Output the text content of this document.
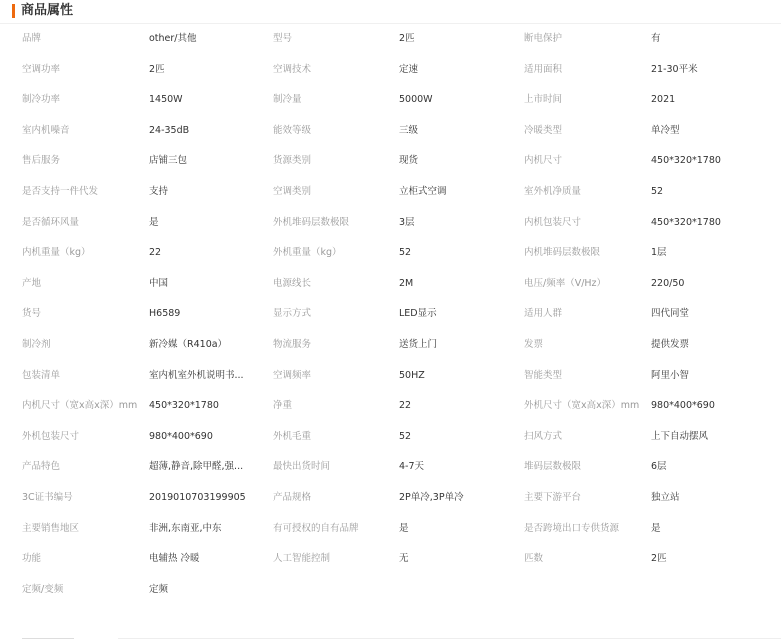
商品属性
品牌	other/其他	型号	2匹	断电保护	有

空调功率	2匹	空调技术	定速	适用面积	21-30平米

制冷功率	1450W	制冷量	5000W	上市时间	2021

室内机噪音	24-35dB	能效等级	三级	冷暖类型	单冷型

售后服务	店铺三包	货源类别	现货	内机尺寸	450*320*1780

是否支持一件代发	支持	空调类别	立柜式空调	室外机净质量	52

是否循环风量	是	外机堆码层数极限	3层	内机包装尺寸	450*320*1780

内机重量（kg）	22	外机重量（kg）	52	内机堆码层数极限	1层

产地	中国	电源线长	2M	电压/频率（V/Hz）	220/50

货号	H6589	显示方式	LED显示	适用人群	四代同堂

制冷剂	新冷媒（R410a）	物流服务	送货上门	发票	提供发票

包装清单	室内机室外机说明书...	空调频率	50HZ	智能类型	阿里小智

内机尺寸（宽x高x深）mm	450*320*1780	净重	22	外机尺寸（宽x高x深）mm	980*400*690

外机包装尺寸	980*400*690	外机毛重	52	扫风方式	上下自动摆风

产品特色	超薄,静音,除甲醛,强...	最快出货时间	4-7天	堆码层数极限	6层

3C证书编号	2019010703199905	产品规格	2P单冷,3P单冷	主要下游平台	独立站

主要销售地区	非洲,东南亚,中东	有可授权的自有品牌	是	是否跨境出口专供货源	是

功能	电辅热 冷暖	人工智能控制	无	匹数	2匹

定频/变频	定频				
